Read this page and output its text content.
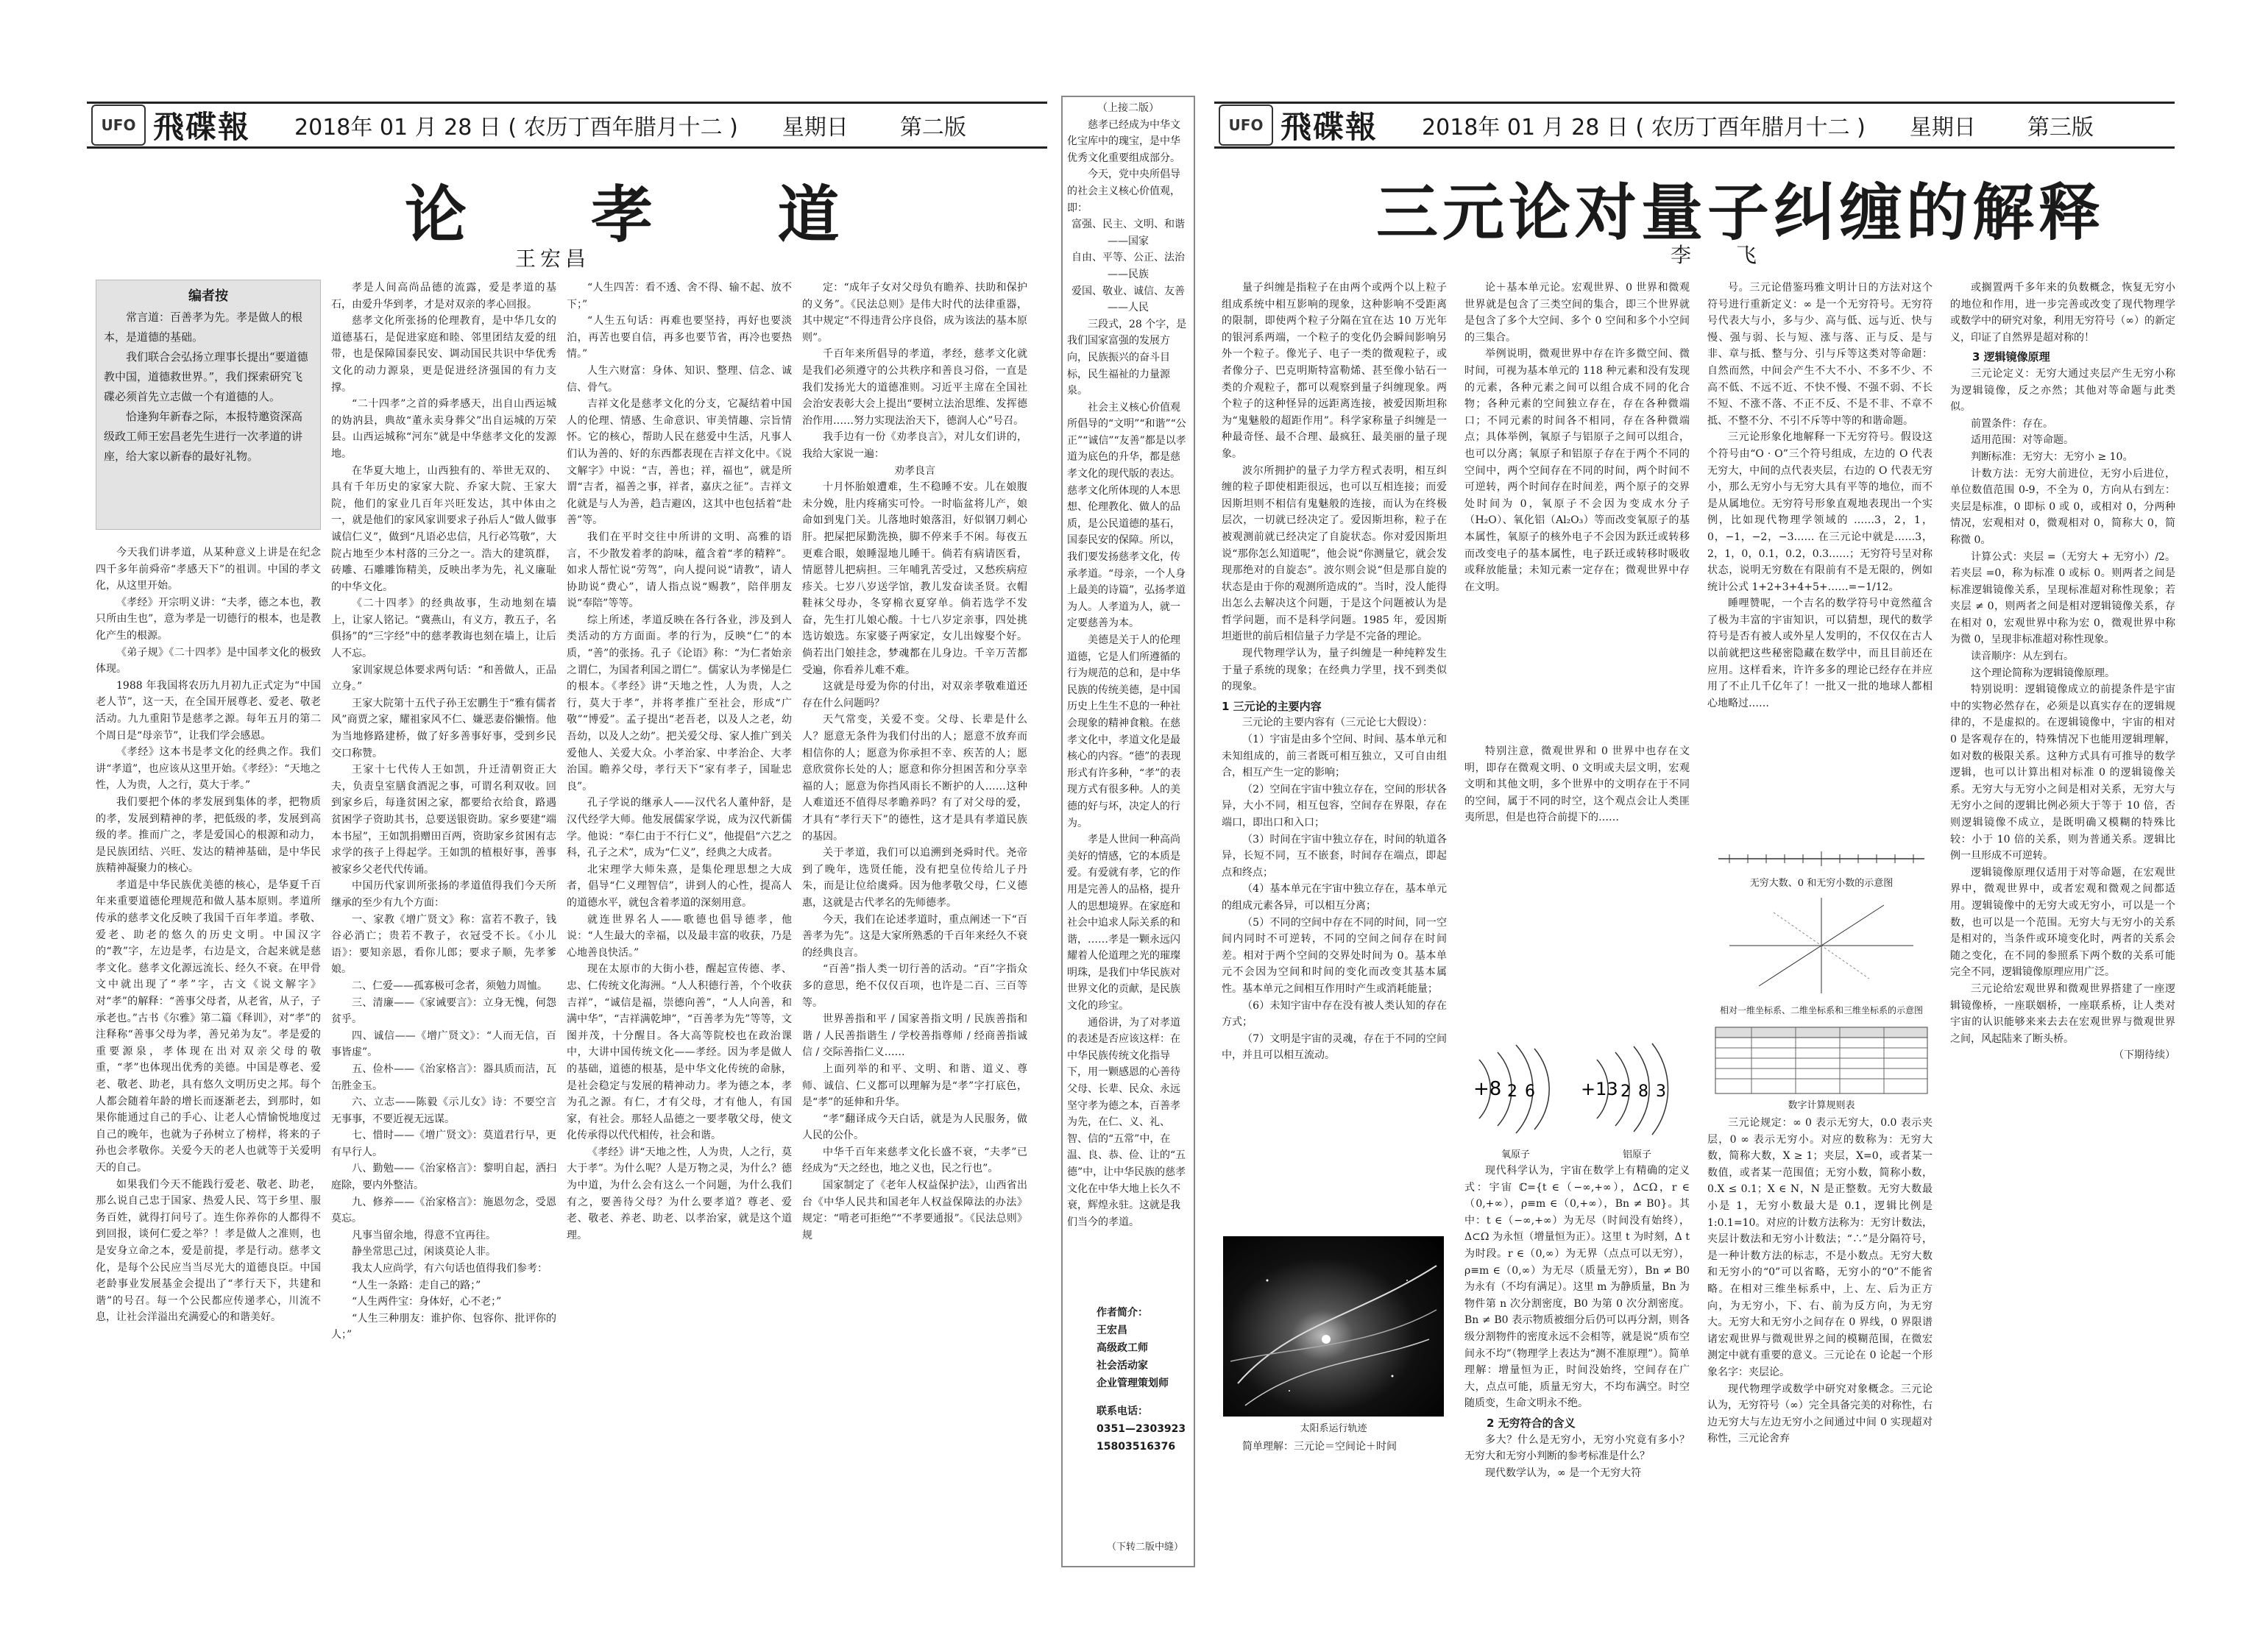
UFO 飛碟報 2018年 01 月 28 日 ( 农历丁酉年腊月十二 ) 星期日 第二版
论 孝 道
王宏昌
编者按

常言道：百善孝为先。孝是做人的根本，是道德的基础。

我们联合会弘扬立理事长提出“要道德教中国，道德救世界。”，我们探索研究飞碟必须首先立志做一个有道德的人。

恰逢狗年新春之际，本报特邀资深高级政工师王宏昌老先生进行一次孝道的讲座，给大家以新春的最好礼物。

今天我们讲孝道，从某种意义上讲是在纪念四千多年前舜帝“孝感天下”的祖训。中国的孝文化，从这里开始。

《孝经》开宗明义讲：“夫孝，德之本也，教只所由生也”，意为孝是一切德行的根本，也是教化产生的根源。

《弟子规》《二十四孝》是中国孝文化的极致体现。

1988 年我国将农历九月初九正式定为“中国老人节”，这一天，在全国开展尊老、爱老、敬老活动。九九重阳节是慈孝之源。每年五月的第二个周日是“母亲节”，让我们学会感恩。

《孝经》这本书是孝文化的经典之作。我们讲“孝道”，也应该从这里开始。《孝经》：“天地之性，人为贵，人之行，莫大于孝。”

我们要把个体的孝发展到集体的孝，把物质的孝，发展到精神的孝，把低级的孝，发展到高级的孝。推而广之，孝是爱国心的根源和动力，是民族团结、兴旺、发达的精神基础，是中华民族精神凝聚力的核心。

孝道是中华民族优美德的核心，是华夏千百年来重要道德伦理规范和做人基本原则。孝道所传承的慈孝文化反映了我国千百年孝道。孝敬、爱老、助老的悠久的历史文明。中国汉字的“教”字，左边是孝，右边是文，合起来就是慈孝文化。慈孝文化源远流长、经久不衰。在甲骨文中就出现了“孝”字，古文《说文解字》对“孝”的解释：“善事父母者，从老省，从子，子承老也。”古书《尔雅》第二篇《释训》，对“孝”的注释称“善事父母为孝，善兄弟为友”。孝是爱的重要源泉，孝体现在出对双亲父母的敬重，“孝”也体现出优秀的美德。中国是尊老、爱老、敬老、助老，具有悠久文明历史之邦。每个人都会随着年龄的增长而逐渐老去，到那时，如果你能通过自己的手心、让老人心情愉悦地度过自己的晚年，也就为子孙树立了榜样，将来的子孙也会孝敬你。关爱今天的老人也就等于关爱明天的自己。

如果我们今天不能践行爱老、敬老、助老，那么说自己忠于国家、热爱人民、笃于乡里、服务百姓，就得打问号了。连生你养你的人都得不到回报，谈何仁爱之举？！孝是做人之准则，也是安身立命之本，爱是前提，孝是行动。慈孝文化，是每个公民应当当尽光大的道德良臣。中国老龄事业发展基金会提出了“孝行天下，共建和谐”的号召。每一个公民都应传递孝心，川流不息，让社会洋溢出充满爱心的和谐美好。

孝是人间高尚品德的流露，爱是孝道的基石，由爱升华到孝，才是对双亲的孝心回报。

慈孝文化所张扬的伦理教育，是中华几女的道德基石，是促进家庭和睦、邻里团结友爱的纽带，也是保障国泰民安、调动国民共识中华优秀文化的动力源泉，更是促进经济强国的有力支撑。

“二十四孝”之首的舜孝感天，出自山西运城的妫汭县，典故“董永卖身葬父”出自运城的万荣县。山西运城称“河东”就是中华慈孝文化的发源地。

在华夏大地上，山西独有的、举世无双的、具有千年历史的家家大院、乔家大院、王家大院，他们的家业几百年兴旺发达，其中体由之一，就是他们的家风家训要求子孙后人“做人做事诚信仁义”，做到“凡语必忠信，凡行必笃敬”，大院占地至少本村落的三分之一。浩大的建筑群，砖雕、石雕雕饰精美，反映出孝为先，礼义廉耻的中华文化。

《二十四孝》的经典故事，生动地刻在墙上，让家人铭记。“冀燕山，有义方，教五子，名俱扬”的“三字经”中的慈孝教诲也刻在墙上，让后人不忘。

家训家规总体要求两句话：“和善做人，正品立身。”

王家大院第十五代子孙王宏鹏生于“雅有儒者风”商贾之家，耀祖家风不仁、嫌恶妻俗懒惰。他为当地修路建桥，做了好多善事好事，受到乡民交口称赞。

王家十七代传人王如凯，升迁清朝资正大夫，负责皇室膳食酒泥之事，可谓名利双收。回到家乡后，每逢贫困之家，都要给衣给食，路遇贫困学子资助其书，总要送银资助。家乡要建“端本书屋”，王如凯捐赠田百两，资助家乡贫困有志求学的孩子上得起学。王如凯的植根好事，善事被家乡父老代代传诵。

中国历代家训所张扬的孝道值得我们今天所继承的至少有九个方面：

一、家教《增广贤文》称：富若不教子，钱谷必消亡；贵若不教子，衣冠受不长。《小儿语》：要知亲恩，看你儿郎；要求子顺，先孝爹娘。

二、仁爱——孤寡极可念者，须勉力周恤。

三、清廉——《家诫要言》：立身无愧，何怨贫乎。

四、诚信——《增广贤文》：“人而无信，百事皆虚”。

五、俭朴——《治家格言》：器具质而洁，瓦缶胜金玉。

六、立志——陈毅《示儿女》诗：不要空言无事事，不要近视无远谋。

七、惜时——《增广贤文》：莫道君行早，更有早行人。

八、勤勉——《治家格言》：黎明自起，洒扫庭除，要内外整洁。

九、修养——《治家格言》：施恩勿念，受恩莫忘。

凡事当留余地，得意不宜再往。

静坐常思己过，闲谈莫论人非。

我太人应尚学，有六句话也值得我们参考：

“人生一条路：走自己的路；”

“人生两件宝：身体好，心不老；”

“人生三种朋友：谁护你、包容你、批评你的人；”

“人生四苦：看不透、舍不得、输不起、放不下；”

“人生五句话：再难也要坚持，再好也要淡泊，再苦也要自信，再多也要节省，再冷也要热情。”

人生六财富：身体、知识、整理、信念、诚信、骨气。

吉祥文化是慈孝文化的分支，它凝结着中国人的伦理、情感、生命意识、审美情趣、宗旨情怀。它的核心，帮助人民在慈爱中生活，凡事人们认为善的、好的东西都表现在吉祥文化中。《说文解字》中说：“吉，善也；祥，福也”，就是所谓“吉者，福善之事，祥者，嘉庆之征”。吉祥文化就是与人为善，趋吉避凶，这其中也包括着“赴善”等。

我们在平时交往中所讲的文明、高雅的语言，不少散发着孝的韵味，蕴含着“孝的精粹”。如求人帮忙说“劳驾”，向人提问说“请教”，请人协助说“费心”，请人指点说“赐教”，陪伴朋友说“奉陪”等等。

综上所述，孝道反映在各行各业，涉及到人类活动的方方面面。孝的行为，反映“仁”的本质，“善”的张扬。孔子《论语》称：“为仁者始亲之谓仁，为国者利国之谓仁”。儒家认为孝悌是仁的根本。《孝经》讲“天地之性，人为贵，人之行，莫大于孝”，并将孝推广至社会，形成“广敬”“博爱”。孟子提出“老吾老，以及人之老，幼吾幼，以及人之幼”。把关爱父母、家人推广到关爱他人、关爱大众。小孝治家、中孝治企、大孝治国。瞻养父母，孝行天下“家有孝子，国耻忠良”。

孔子学说的继承人——汉代名人董仲舒，是汉代经学大师。他发展儒家学说，成为汉代新儒学。他说：“奉仁由于不行仁义”，他提倡“六艺之科，孔子之术”，成为“仁义”，经典之大成者。

北宋理学大师朱熹，是集伦理思想之大成者，倡导“仁义理智信”，讲到人的心性，提高人的道德水平，就包含着孝道的深刻用意。

就连世界名人——歌德也倡导德孝，他说：“人生最大的幸福，以及最丰富的收获，乃是心地善良快活。”

现在太原市的大街小巷，醒起宣传德、孝、忠、仁传统文化海洲。“人人积德行善，个个收获吉祥”，“诚信是福，崇德向善”，“人人向善，和满中华”，“吉祥满乾坤”，“百善孝为先”等等，文图并茂，十分醒目。各大高等院校也在政治课中，大讲中国传统文化——孝经。因为孝是做人的基础，道德的根基，是中华文化传统的命脉，是社会稳定与发展的精神动力。孝为德之本，孝为孔之源。有仁，才有父母，才有他人，有国家，有社会。那轻人品德之一要孝敬父母，使文化传承得以代代相传，社会和谐。

《孝经》讲“天地之性，人为贵，人之行，莫大于孝”。为什么呢？人是万物之灵，为什么？德为中道，为什么会有这么一个问题，为什么我们有之，要善待父母？为什么要孝道？尊老、爱老、敬老、养老、助老、以孝治家，就是这个道理。

定：“成年子女对父母负有瞻养、扶助和保护的义务”。《民法总则》是伟大时代的法律重器，其中规定“不得违背公序良俗，成为该法的基本原则”。

千百年来所倡导的孝道，孝经，慈孝文化就是我们必须遵守的公共秩序和善良习俗，一直是我们发扬光大的道德准则。习近平主席在全国社会治安表彰大会上提出“要树立法治思维、发挥德治作用……努力实现法治天下，德润人心”号召。

我手边有一份《劝孝良言》，对儿女们讲的，我给大家说一遍：

劝孝良言

十月怀胎娘遭难，生不稳睡不安。儿在娘腹未分娩，肚内疼痛实可怜。一时临盆将儿产，娘命如到鬼门关。儿落地时娘落泪，好似钢刀刺心肝。把屎把尿勤洗换，脚不停来手不闲。每夜五更难合眼，娘睡湿地儿睡干。倘若有病请医看，情愿替儿把病担。三年哺乳苦受过，又愁疾病痘疹关。七岁八岁送学馆，教儿发奋读圣贤。衣帽鞋袜父母办，冬穿棉衣夏穿单。倘若选学不发奋，先生打儿娘心酸。十七八岁定亲事，四处挑选访娘选。东家婆子两家定，女儿出嫁娶个好。倘若出门娘挂念，梦魂都在儿身边。千辛万苦都受遍，你看养儿难不难。

这就是母爱为你的付出，对双亲孝敬难道还存在什么问题吗？

天气常变，关爱不变。父母、长辈是什么人？愿意无条件为我们付出的人；愿意不放弃而相信你的人；愿意为你承担不幸、疾苦的人；愿意欣赏你长处的人；愿意和你分担困苦和分享幸福的人；愿意为你挡风雨长不断护的人……这种人难道还不值得尽孝瞻养吗？有了对父母的爱，才具有“孝行天下”的德性，这才是具有孝道民族的基因。

关于孝道，我们可以追溯到尧舜时代。尧帝到了晚年，选贤任能，没有把皇位传给儿子丹朱，而是让位给虞舜。因为他孝敬父母，仁义德惠，这就是古代孝名的先师德孝。

今天，我们在论述孝道时，重点阐述一下“百善孝为先”。这是大家所熟悉的千百年来经久不衰的经典良言。

“百善”指人类一切行善的活动。“百”字指众多的意思，绝不仅仅百项，也许是二百、三百等等。

世界善指和平 / 国家善指文明 / 民族善指和谐 / 人民善指谐生 / 学校善指尊师 / 经商善指诚信 / 交际善指仁义……

上面列举的和平、文明、和谐、道义、尊师、诚信、仁义都可以理解为是“孝”字打底色，是“孝”的延伸和升华。

“孝”翻译成今天白话，就是为人民服务，做人民的公仆。

中华千百年来慈孝文化长盛不衰，“夫孝”已经成为“天之经也，地之义也，民之行也”。

国家制定了《老年人权益保护法》，山西省出台《中华人民共和国老年人权益保障法的办法》规定：“啃老可拒绝”“不孝要通报”。《民法总则》规

（上接二版）

慈孝已经成为中华文化宝库中的瑰宝，是中华优秀文化重要组成部分。

今天，党中央所倡导的社会主义核心价值观，即：

富强、民主、文明、和谐——国家

自由、平等、公正、法治——民族

爱国、敬业、诚信、友善——人民

三段式，28 个字，是我们国家富强的发展方向，民族振兴的奋斗目标，民生福祉的力量源泉。

社会主义核心价值观所倡导的“文明”“和谐”“公正”“诚信”“友善”都是以孝道为底色的升华，都是慈孝文化的现代版的表达。慈孝文化所体现的人本思想、伦理教化、做人的品质，是公民道德的基石，国泰民安的保障。所以，我们要发扬慈孝文化，传承孝道。“母亲，一个人身上最美的诗篇”，弘扬孝道为人。人孝道为人，就一定要慈善为本。

美德是关于人的伦理道德，它是人们所遵循的行为规范的总和，是中华民族的传统美德，是中国历史上生生不息的一种社会现象的精神食粮。在慈孝文化中，孝道文化是最核心的内容。“德”的表现形式有许多种，“孝”的表现方式有很多种。人的美德的好与坏，决定人的行为。

孝是人世间一种高尚美好的情感，它的本质是爱。有爱就有孝，它的作用是完善人的品格，提升人的思想境界。在家庭和社会中追求人际关系的和谐，……孝是一颗永远闪耀着人伦道理之光的璀璨明珠，是我们中华民族对世界文化的贡献，是民族文化的珍宝。

通俗讲，为了对孝道的表述是否应该这样：在中华民族传统文化指导下，用一颗感恩的心善待父母、长辈、民众、永远坚守孝为德之本，百善孝为先，在仁、义、礼、智、信的“五常”中，在温、良、恭、俭、让的“五德”中，让中华民族的慈孝文化在中华大地上长久不衰，辉煌永驻。这就是我们当今的孝道。

作者简介：
王宏昌
高级政工师
社会活动家
企业管理策划师
联系电话：
0351—2303923
15803516376
（下转二版中缝）
UFO 飛碟報 2018年 01 月 28 日 ( 农历丁酉年腊月十二 ) 星期日 第三版
三元论对量子纠缠的解释
李 飞

量子纠缠是指粒子在由两个或两个以上粒子组成系统中相互影响的现象，这种影响不受距离的限制，即使两个粒子分隔在宜在达 10 万光年的银河系两端，一个粒子的变化仍会瞬间影响另外一个粒子。像光子、电子一类的微观粒子，或者像分子、巴克明斯特富勒烯、甚至像小钻石一类的介观粒子，都可以观察到量子纠缠现象。两个粒子的这种怪异的远距离连接，被爱因斯坦称为“鬼魅般的超距作用”。科学家称量子纠缠是一种最奇怪、最不合理、最疯狂、最美丽的量子现象。

波尔所拥护的量子力学方程式表明，相互纠缠的粒子即使相距很远，也可以互相连接；而爱因斯坦则不相信有鬼魅般的连接，而认为在终极层次，一切就已经决定了。爱因斯坦称，粒子在被观测前就已经决定了自旋状态。你对爱因斯坦说“那你怎么知道呢”，他会说“你测量它，就会发现那绝对的自旋态”。波尔则会说“但是那自旋的状态是由于你的观测所造成的”。当时，没人能得出怎么去解决这个问题，于是这个问题被认为是哲学问题，而不是科学问题。1985 年，爱因斯坦逝世的前后相信量子力学是不完备的理论。

现代物理学认为，量子纠缠是一种纯粹发生于量子系统的现象；在经典力学里，找不到类似的现象。

1 三元论的主要内容

三元论的主要内容有（三元论七大假设）：

（1）宇宙是由多个空间、时间、基本单元和未知组成的，前三者既可相互独立，又可自由组合，相互产生一定的影响；

（2）空间在宇宙中独立存在，空间的形状各异，大小不同，相互包容，空间存在界限，存在端口，即出口和入口；

（3）时间在宇宙中独立存在，时间的轨道各异，长短不同，互不嵌套，时间存在端点，即起点和终点；

（4）基本单元在宇宙中独立存在，基本单元的组成元素各异，可以相互分离；

（5）不同的空间中存在不同的时间，同一空间内同时不可逆转，不同的空间之间存在时间差。相对于两个空间的交界处时间为 0。基本单元不会因为空间和时间的变化而改变其基本属性。基本单元之间相互作用时产生或消耗能量；

（6）未知宇宙中存在没有被人类认知的存在方式；

（7）文明是宇宙的灵魂，存在于不同的空间中，并且可以相互流动。

太阳系运行轨迹

简单理解：三元论＝空间论＋时间

论＋基本单元论。宏观世界、0 世界和微观世界就是包含了三类空间的集合，即三个世界就是包含了多个大空间、多个 0 空间和多个小空间的三集合。

举例说明，微观世界中存在许多微空间、微时间，可视为基本单元的 118 种元素和没有发现的元素，各种元素之间可以组合成不同的化合物；各种元素的空间独立存在，存在各种微端口；不同元素的时间各不相同，存在各种微端点；具体举例，氧原子与铝原子之间可以组合，也可以分离；氧原子和铝原子存在于两个不同的空间中，两个空间存在不同的时间，两个时间不可逆转，两个时间存在时间差，两个原子的交界处时间为 0，氧原子不会因为变成水分子（H₂O）、氧化铝（Al₂O₃）等而改变氧原子的基本属性，氧原子的核外电子不会因为跃迁或转移而改变电子的基本属性，电子跃迁或转移时吸收或释放能量；未知元素一定存在；微观世界中存在文明。

+8 2 6	+13 2 8 3
氧原子	铝原子

特别注意，微观世界和 0 世界中也存在文明，即存在微观文明、0 文明或夫层文明，宏观文明和其他文明，多个世界中的文明存在于不同的空间，属于不同的时空，这个观点会让人类匪夷所思，但是也符合前提下的……

现代科学认为，宇宙在数学上有精确的定义式：宇宙 ℂ={t ∈（−∞,+∞），Δ⊂Ω，r ∈（0,+∞），ρ≡m ∈（0,+∞），Bn ≠ B0}。其中：t ∈（−∞,+∞）为无尽（时间没有始终），Δ⊂Ω 为永恒（增量恒为正）。这里 t 为时刻，Δ t 为时段。r ∈（0,∞）为无界（点点可以无穷），ρ≡m ∈（0,∞）为无尽（质量无穷），Bn ≠ B0 为永有（不均有满足）。这里 m 为静质量，Bn 为物件第 n 次分割密度，B0 为第 0 次分割密度。Bn ≠ B0 表示物质被细分后仍可以再分割，则各级分割物件的密度永远不会相等，就是说“质布空间永不均”（物理学上表达为“测不准原理”）。简单理解：增量恒为正，时间没始终，空间存在广大，点点可能，质量无穷大，不均布满空。时空随质变，生命文明永不绝。

2 无穷符合的含义

多大？什么是无穷小，无穷小究竟有多小？无穷大和无穷小判断的参考标准是什么？

现代数学认为，∞ 是一个无穷大符

号。三元论借鉴玛雅文明计日的方法对这个符号进行重新定义：∞ 是一个无穷符号。无穷符号代表大与小，多与少、高与低、远与近、快与慢、强与弱、长与短、涨与落、正与反、是与非、章与抵、整与分、引与斥等这类对等命题：自然而然，中间会产生不大不小、不多不少、不高不低、不远不近、不快不慢、不强不弱、不长不短、不涨不落、不正不反、不是不非、不章不抵、不整不分、不引不斥等中等的和谐命题。

三元论形象化地解释一下无穷符号。假设这个符号由“O · O”三个符号组成，左边的 O 代表无穷大，中间的点代表夹层，右边的 O 代表无穷小，那么无穷小与无穷大具有平等的地位，而不是从属地位。无穷符号形象直观地表现出一个实例，比如现代物理学领域的 ……3，2，1，0，−1，−2，−3…… 在三元论中就是……3，2，1，0，0.1，0.2，0.3……；无穷符号呈对称状态，说明无穷数在有限前有不是无限的，例如统计公式 1+2+3+4+5+……=−1/12。

睡哩赞呢，一个吉名的数学符号中竟然蕴含了极为丰富的宇宙知识，可以猜想，现代的数学符号是否有被人或外星人发明的，不仅仅在古人以前就把这些秘密隐藏在数学中，而且目前还在应用。这样看来，许许多多的理论已经存在并应用了不止几千亿年了！一批又一批的地球人都相心地略过……

无穷大数、0 和无穷小数的示意图
相对一维坐标系、二维坐标系和三维坐标系的示意图
数字计算规则表

三元论规定：∞ 0 表示无穷大，0.0 表示夹层，0 ∞ 表示无穷小。对应的数称为：无穷大数，简称大数，X ≥ 1；夹层，X=0，或者某一数值，或者某一范围值；无穷小数，简称小数，0.X ≤ 0.1；X ∈ N，N 是正整数。无穷大数最小是 1，无穷小数最大是 0.1，逻辑比例是 1:0.1=10。对应的计数方法称为：无穷计数法，夹层计数法和无穷小计数法；“∴”是分隔符号，是一种计数方法的标志，不是小数点。无穷大数和无穷小的“0”可以省略，无穷小的“0”不能省略。在相对三维坐标系中，上、左、后为正方向，为无穷小，下、右、前为反方向，为无穷大。无穷大和无穷小之间存在 0 界线，0 界限谱诸宏观世界与微观世界之间的模糊范围，在微宏测定中就有重要的意义。三元论在 0 论起一个形象名字：夹层论。

现代物理学或数学中研究对象概念。三元论认为，无穷符号（∞）完全具备完美的对称性，右边无穷大与左边无穷小之间通过中间 0 实现超对称性，三元论舍弃

或搁置两千多年来的负数概念，恢复无穷小的地位和作用，进一步完善或改变了现代物理学或数学中的研究对象，利用无穷符号（∞）的新定义，印证了自然界是超对称的！

3 逻辑镜像原理

三元论定义：无穷大通过夹层产生无穷小称为逻辑镜像，反之亦然；其他对等命题与此类似。

前置条件：存在。

适用范围：对等命题。

判断标准：无穷大：无穷小 ≥ 10。

计数方法：无穷大前进位，无穷小后进位，单位数值范围 0-9，不全为 0，方向从右到左：夹层是标准，0 即标 0 或 0，或相对 0，分两种情况，宏观相对 0，微观相对 0，简称大 0，简称微 0。

计算公式：夹层 =（无穷大 + 无穷小）/2。若夹层 =0，称为标准 0 或标 0。则两者之间是标准逻辑镜像关系，呈现标准超对称性现象；若夹层 ≠ 0，则两者之间是相对逻辑镜像关系，存在相对 0，宏观世界中称为宏 0，微观世界中称为微 0，呈现非标准超对称性现象。

读音顺序：从左到右。

这个理论简称为逻辑镜像原理。

特别说明：逻辑镜像成立的前提条件是宇宙中的实物必然存在，必须是以真实存在的逻辑规律的，不是虚拟的。在逻辑镜像中，宇宙的相对 0 是客观存在的，特殊情况下也能用逻辑理解，如对数的极限关系。这种方式具有可推导的数学逻辑，也可以计算出相对标准 0 的逻辑镜像关系。无穷大与无穷小之间是相对关系，无穷大与无穷小之间的逻辑比例必须大于等于 10 倍，否则逻辑镜像不成立，是既明确又模糊的特殊比较：小于 10 倍的关系，则为普通关系。逻辑比例一旦形成不可逆转。

逻辑镜像原理仅适用于对等命题，在宏观世界中，微观世界中，或者宏观和微观之间都适用。逻辑镜像中的无穷大或无穷小，可以是一个数，也可以是一个范围。无穷大与无穷小的关系是相对的，当条件或环境变化时，两者的关系会随之变化，在不同的参照系下两个数的关系可能完全不同，逻辑镜像原理应用广泛。

三元论给宏观世界和微观世界搭建了一座逻辑镜像桥，一座联姻桥，一座联系桥，让人类对宇宙的认识能够来来去去在宏观世界与微观世界之间，风起陆来了断头桥。

（下期待续）
